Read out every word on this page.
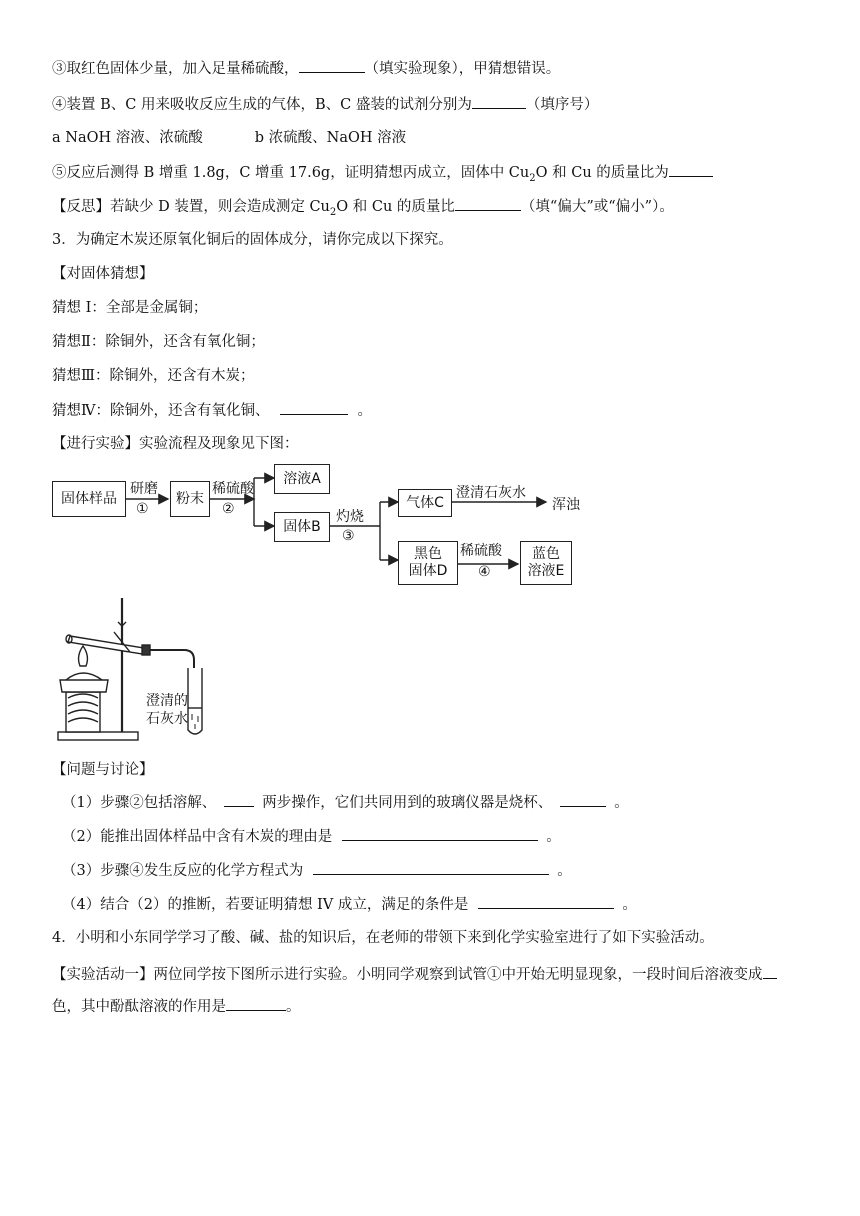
③取红色固体少量，加入足量稀硫酸，	（填实验现象），甲猜想错误。
④装置 B、C 用来吸收反应生成的气体，B、C 盛装的试剂分别为	（填序号）
a NaOH 溶液、浓硫酸	b 浓硫酸、NaOH 溶液
⑤反应后测得 B 增重 1.8g，C 增重 17.6g，证明猜想丙成立，固体中 $Cu_2O$ 和 Cu 的质量比为
【反思】若缺少 D 装置，则会造成测定 $Cu_2O$ 和 Cu 的质量比	（填“偏大”或“偏小”）。
3．为确定木炭还原氧化铜后的固体成分，请你完成以下探究。
【对固体猜想】
猜想 I：全部是金属铜；
猜想Ⅱ：除铜外，还含有氧化铜；
猜想Ⅲ：除铜外，还含有木炭；
猜想Ⅳ：除铜外，还含有氧化铜、	。
【进行实验】实验流程及现象见下图：
固体样品
研磨
①
粉末
稀硫酸
②
溶液A
固体B
灼烧
③
气体C
澄清石灰水
浑浊
黑色
固体D
稀硫酸
④
蓝色
溶液E
澄清的
石灰水
【问题与讨论】
（1）步骤②包括溶解、	两步操作，它们共同用到的玻璃仪器是烧杯、	。
（2）能推出固体样品中含有木炭的理由是	。
（3）步骤④发生反应的化学方程式为	。
（4）结合（2）的推断，若要证明猜想 IV 成立，满足的条件是	。
4．小明和小东同学学习了酸、碱、盐的知识后，在老师的带领下来到化学实验室进行了如下实验活动。
【实验活动一】两位同学按下图所示进行实验。小明同学观察到试管①中开始无明显现象，一段时间后溶液变成
色，其中酚酞溶液的作用是	。
